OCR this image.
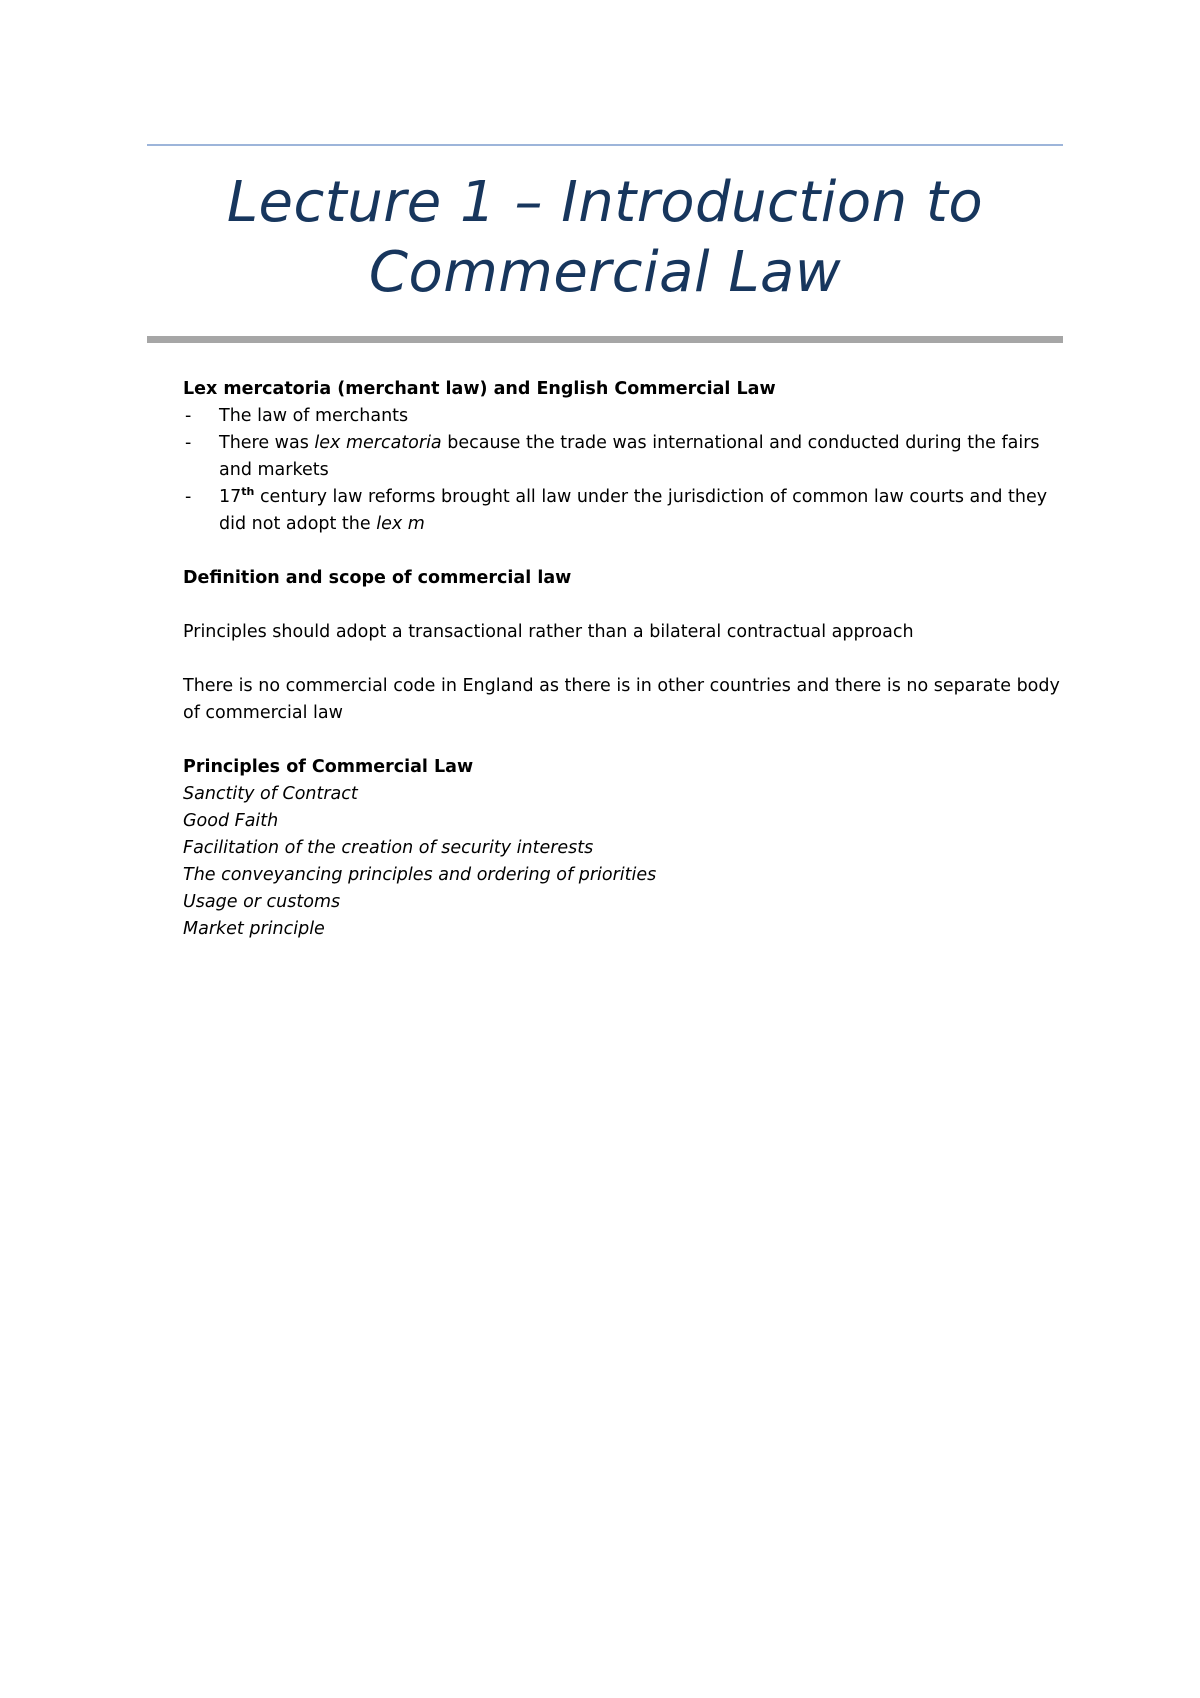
Lecture 1 – Introduction to Commercial Law

Lex mercatoria (merchant law) and English Commercial Law

- The law of merchants
- There was lex mercatoria because the trade was international and conducted during the fairs and markets
- 17th century law reforms brought all law under the jurisdiction of common law courts and they did not adopt the lex m

Definition and scope of commercial law

Principles should adopt a transactional rather than a bilateral contractual approach

There is no commercial code in England as there is in other countries and there is no separate body of commercial law

Principles of Commercial Law

Sanctity of Contract

Good Faith

Facilitation of the creation of security interests

The conveyancing principles and ordering of priorities

Usage or customs

Market principle
